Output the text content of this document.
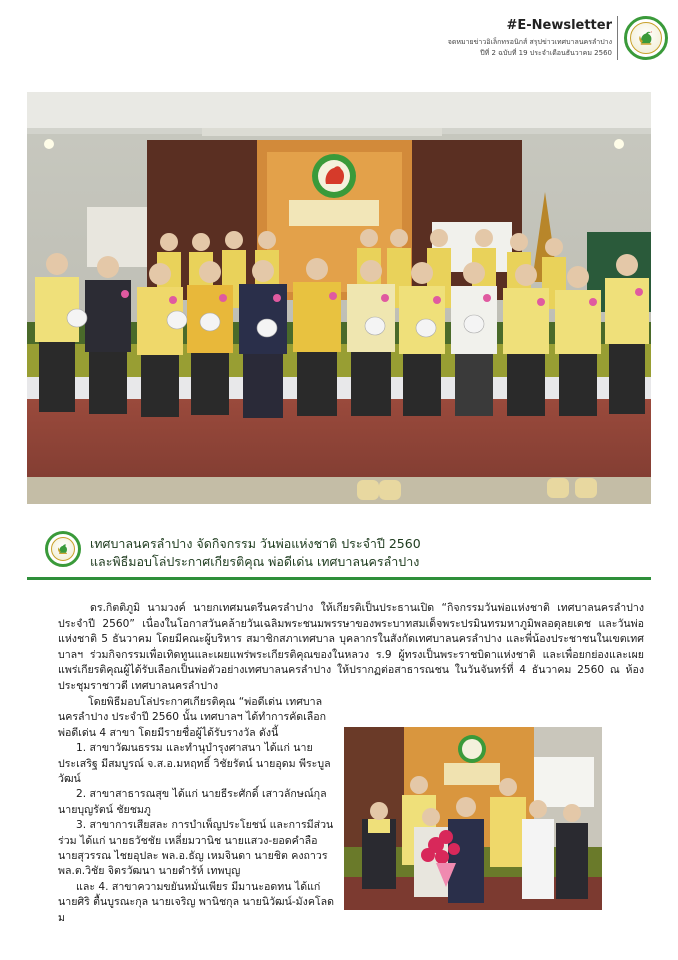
#E-Newsletter
จดหมายข่าวอิเล็กทรอนิกส์ สรุปข่าวเทศบาลนครลำปาง
ปีที่ 2 ฉบับที่ 19 ประจำเดือนธันวาคม 2560
เทศบาลนครลำปาง จัดกิจกรรม วันพ่อแห่งชาติ ประจำปี 2560
และพิธีมอบโล่ประกาศเกียรติคุณ พ่อดีเด่น เทศบาลนครลำปาง

ดร.กิตติภูมิ นามวงค์ นายกเทศมนตรีนครลำปาง ให้เกียรติเป็นประธานเปิด “กิจกรรมวันพ่อแห่งชาติ เทศบาลนครลำปาง ประจำปี 2560” เนื่องในโอกาสวันคล้ายวันเฉลิมพระชนมพรรษาของพระบาทสมเด็จพระปรมินทรมหาภูมิพลอดุลยเดช และวันพ่อแห่งชาติ 5 ธันวาคม โดยมีคณะผู้บริหาร สมาชิกสภาเทศบาล บุคลากรในสังกัดเทศบาลนครลำปาง และพี่น้องประชาชนในเขตเทศบาลฯ ร่วมกิจกรรมเพื่อเทิดทูนและเผยแพร่พระเกียรติคุณของในหลวง ร.9 ผู้ทรงเป็นพระราชบิดาแห่งชาติ และเพื่อยกย่องและเผยแพร่เกียรติคุณผู้ได้รับเลือกเป็นพ่อตัวอย่างเทศบาลนครลำปาง ให้ปรากฏต่อสาธารณชน ในวันจันทร์ที่ 4 ธันวาคม 2560 ณ ห้องประชุมราชาวดี เทศบาลนครลำปาง

โดยพิธีมอบโล่ประกาศเกียรติคุณ “พ่อดีเด่น เทศบาลนครลำปาง ประจำปี 2560 นั้น เทศบาลฯ ได้ทำการคัดเลือกพ่อดีเด่น 4 สาขา โดยมีรายชื่อผู้ได้รับรางวัล ดังนี้

1. สาขาวัฒนธรรม และทำนุบำรุงศาสนา ได้แก่ นายประเสริฐ มีสมบูรณ์ จ.ส.อ.มหฤทธิ์ วิชัยรัตน์ นายอุดม พีระบูลวัฒน์

2. สาขาสาธารณสุข ได้แก่ นายธีระศักดิ์ เสาวลักษณ์กุล นายบุญรัตน์ ชัยชมภู

3. สาขาการเสียสละ การบำเพ็ญประโยชน์ และการมีส่วนร่วม ได้แก่ นายธวัชชัย เหลี่ยมวานิช นายแสวง-ยอดคำลือ นายสุวรรณ ไชยอุปละ พล.อ.ธัญ เหมจินดา นายชิต คงถาวร พล.ต.วิชัย จิตรวัฒนา นายดำรัห์ เทพบุญ

และ 4. สาขาความขยันหมั่นเพียร มีมานะอดทน ได้แก่ นายศิริ ตื้นบูรณะกุล นายเจริญ พานิชกุล นายนิวัฒน์-มังคโลดม
